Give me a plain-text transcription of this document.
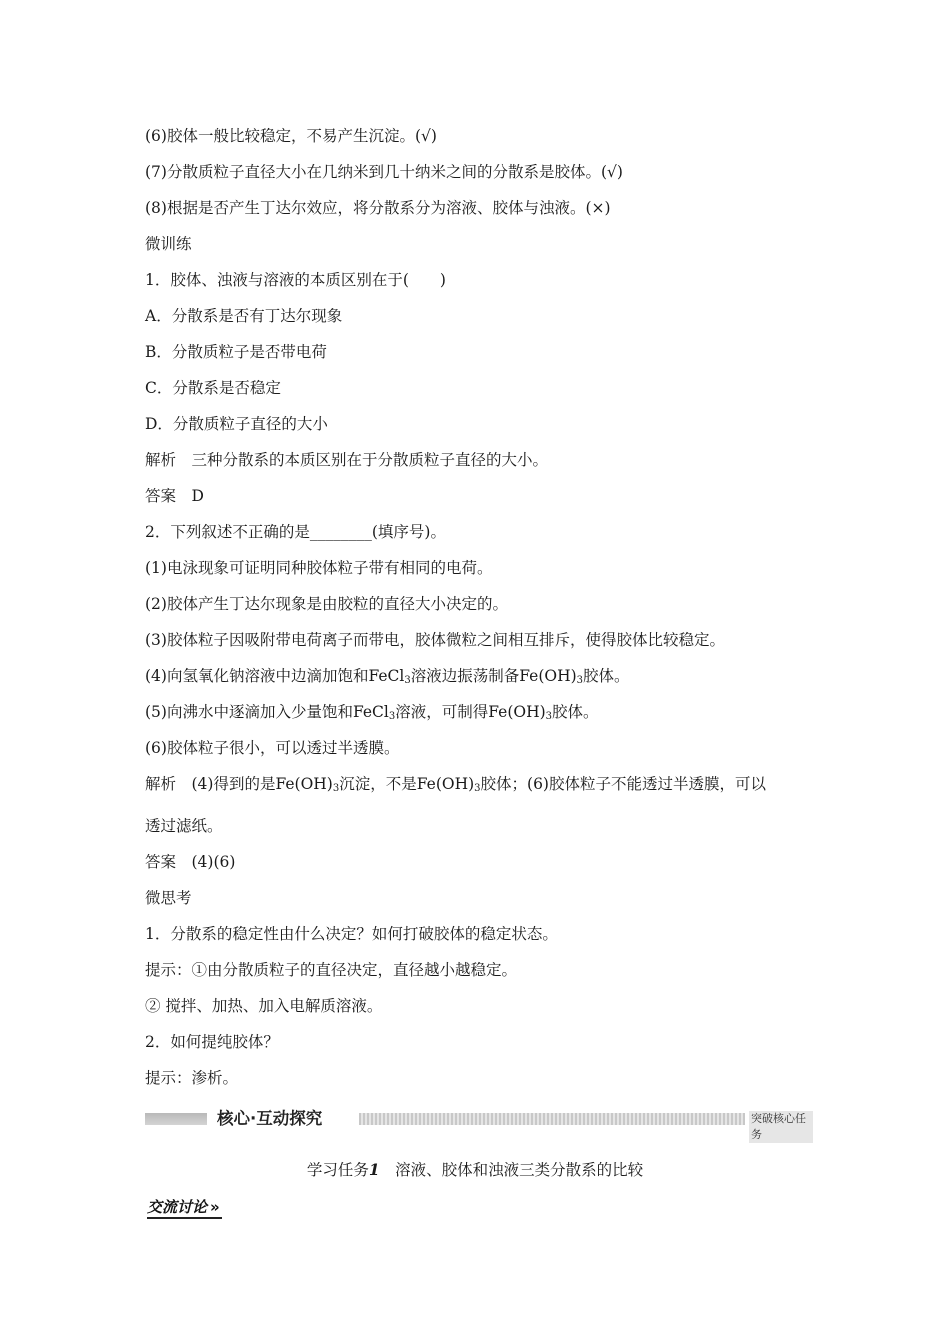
(6)胶体一般比较稳定，不易产生沉淀。(√)
(7)分散质粒子直径大小在几纳米到几十纳米之间的分散系是胶体。(√)
(8)根据是否产生丁达尔效应，将分散系分为溶液、胶体与浊液。(×)
微训练
1．胶体、浊液与溶液的本质区别在于(　　)
A．分散系是否有丁达尔现象
B．分散质粒子是否带电荷
C．分散系是否稳定
D．分散质粒子直径的大小
解析　三种分散系的本质区别在于分散质粒子直径的大小。
答案　D
2．下列叙述不正确的是________(填序号)。
(1)电泳现象可证明同种胶体粒子带有相同的电荷。
(2)胶体产生丁达尔现象是由胶粒的直径大小决定的。
(3)胶体粒子因吸附带电荷离子而带电，胶体微粒之间相互排斥，使得胶体比较稳定。
(4)向氢氧化钠溶液中边滴加饱和FeCl$_3$溶液边振荡制备$Fe(OH)_3$胶体。
(5)向沸水中逐滴加入少量饱和FeCl$_3$溶液，可制得$Fe(OH)_3$胶体。
(6)胶体粒子很小，可以透过半透膜。
解析　(4)得到的是$Fe(OH)_3$沉淀，不是$Fe(OH)_3$胶体；(6)胶体粒子不能透过半透膜，可以
透过滤纸。
答案　(4)(6)
微思考
1．分散系的稳定性由什么决定？如何打破胶体的稳定状态。
提示：①由分散质粒子的直径决定，直径越小越稳定。
② 搅拌、加热、加入电解质溶液。
2．如何提纯胶体？
提示：渗析。
核心·互动探究	突破核心任务
学习任务1　 溶液、胶体和浊液三类分散系的比较
交流讨论 »
